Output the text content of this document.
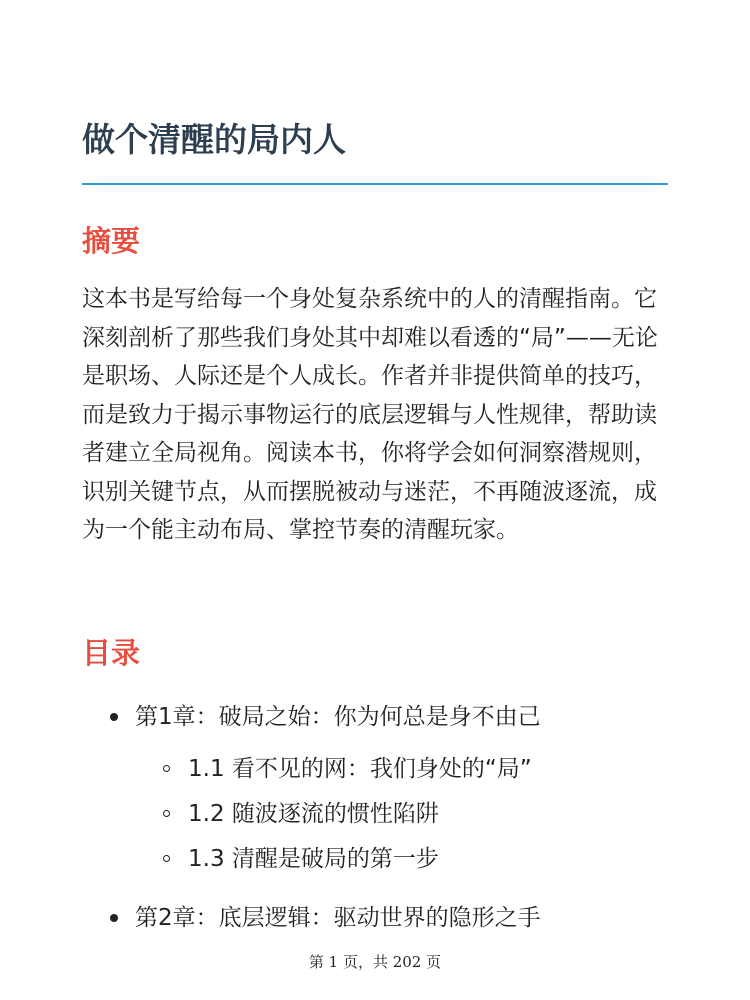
做个清醒的局内人
摘要

这本书是写给每一个身处复杂系统中的人的清醒指南。它深刻剖析了那些我们身处其中却难以看透的“局”——无论是职场、人际还是个人成长。作者并非提供简单的技巧，而是致力于揭示事物运行的底层逻辑与人性规律，帮助读者建立全局视角。阅读本书，你将学会如何洞察潜规则，识别关键节点，从而摆脱被动与迷茫，不再随波逐流，成为一个能主动布局、掌控节奏的清醒玩家。

目录
第1章：破局之始：你为何总是身不由己
1.1 看不见的网：我们身处的“局”
1.2 随波逐流的惯性陷阱
1.3 清醒是破局的第一步
第2章：底层逻辑：驱动世界的隐形之手
第 1 页，共 202 页
